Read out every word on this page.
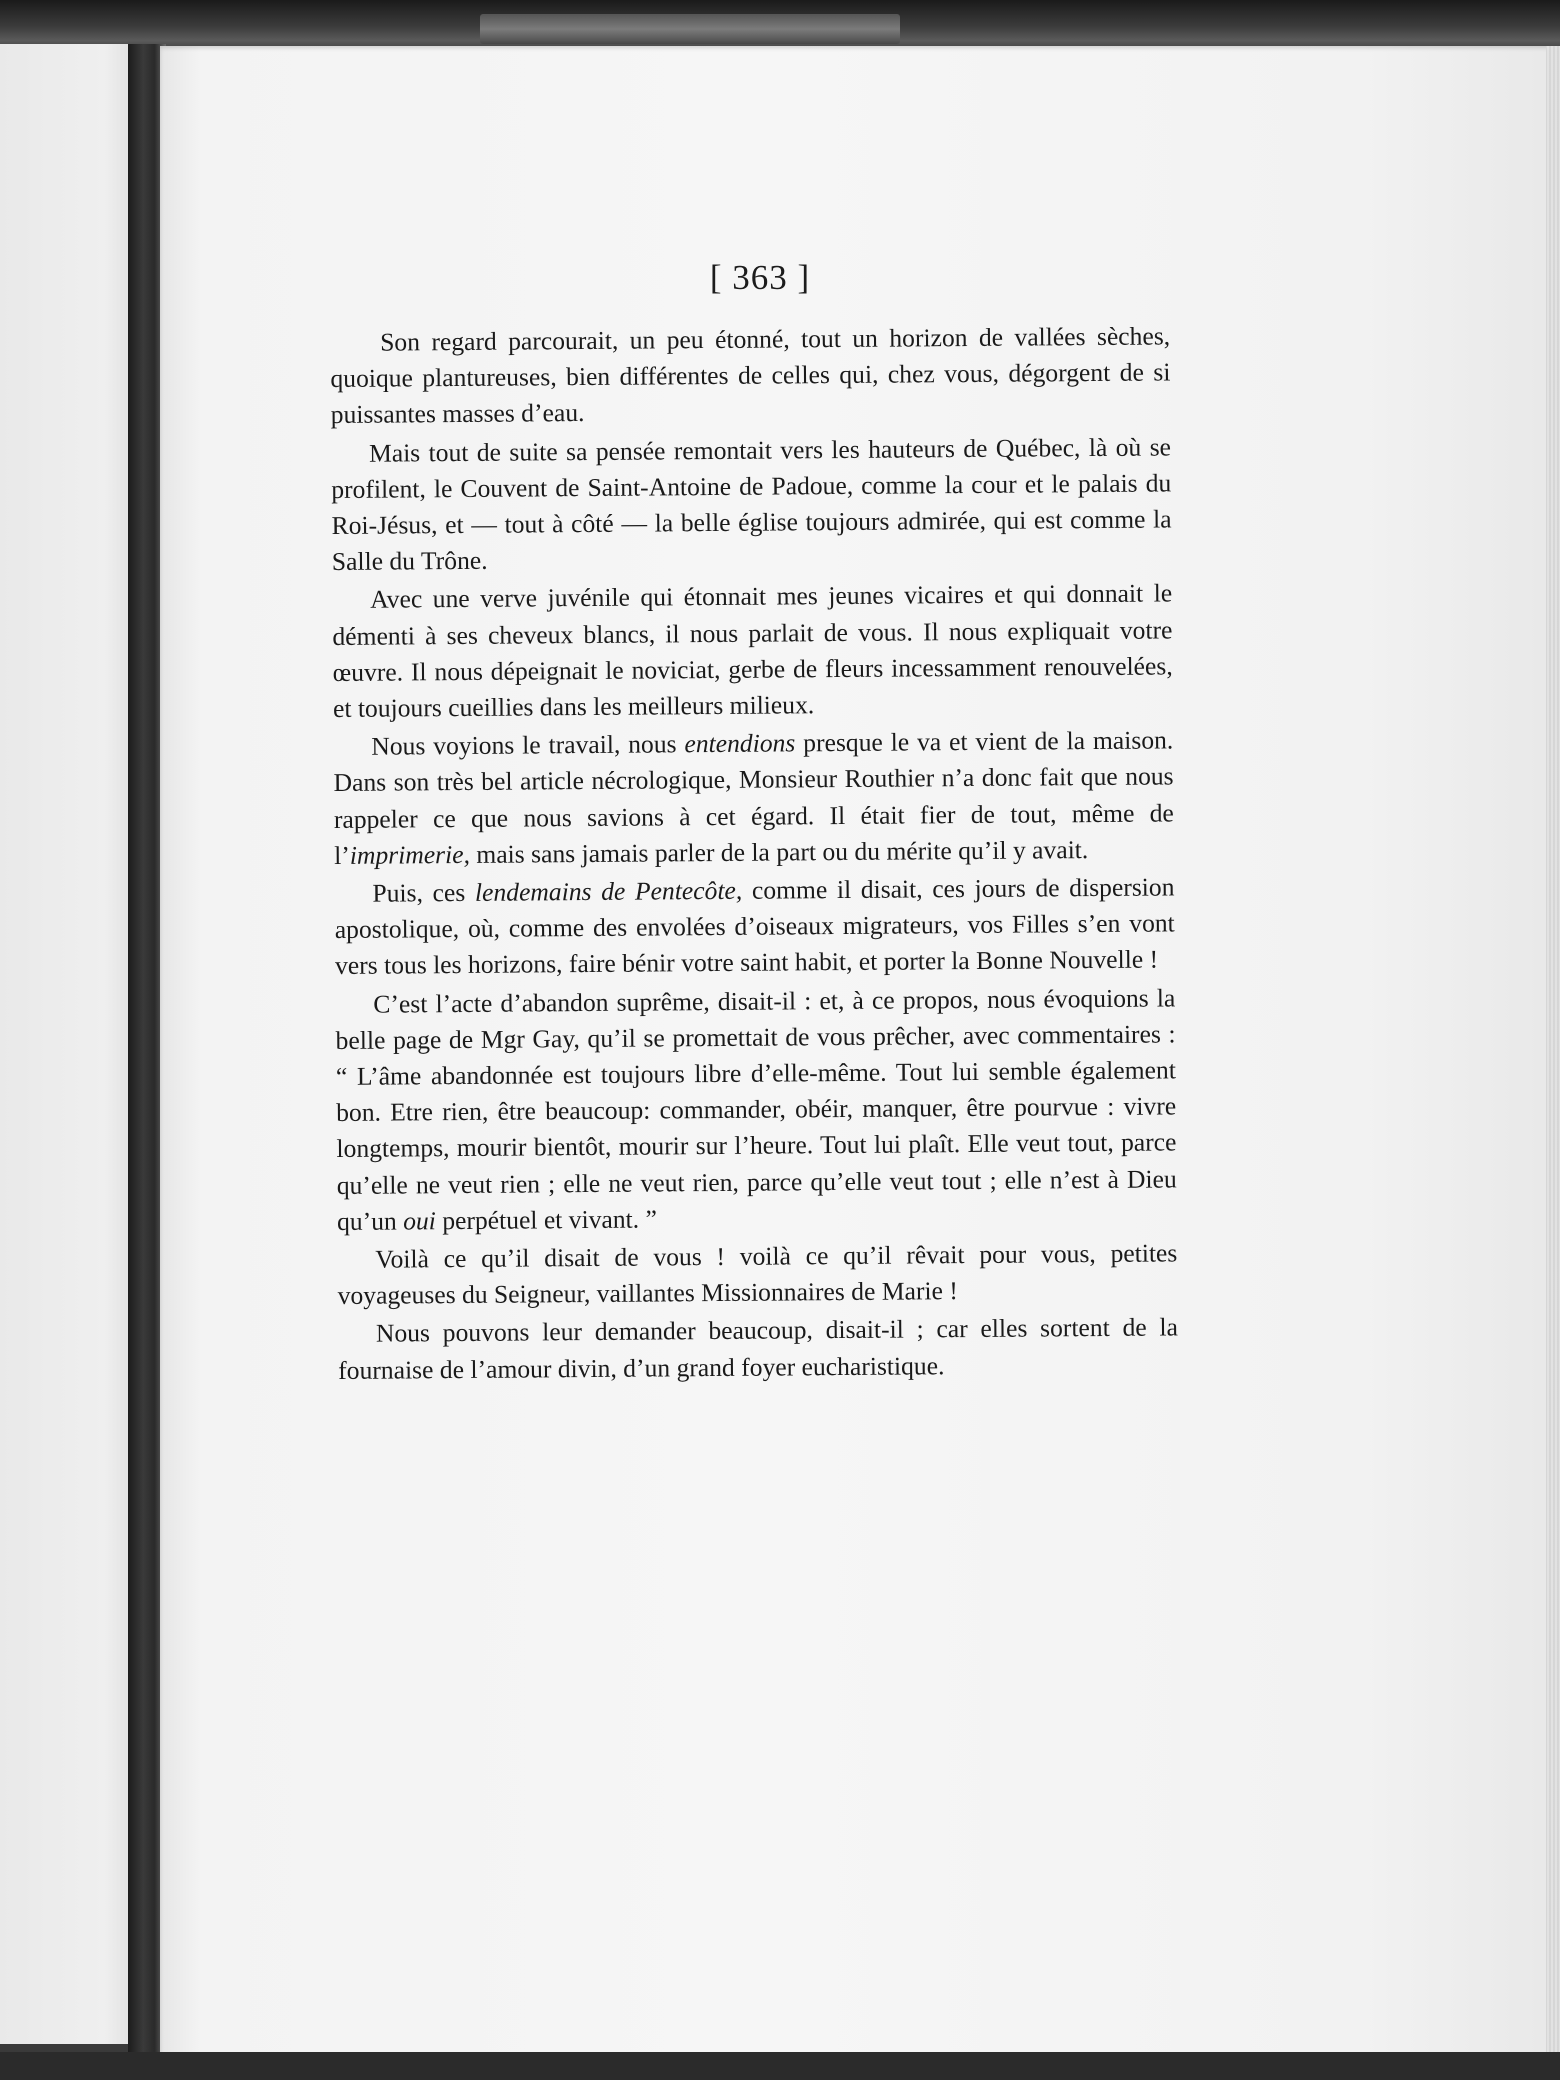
[ 363 ]

Son regard parcourait, un peu étonné, tout un horizon de vallées sèches, quoique plantureuses, bien différentes de celles qui, chez vous, dégorgent de si puissantes masses d’eau.

Mais tout de suite sa pensée remontait vers les hauteurs de Québec, là où se profilent, le Couvent de Saint-Antoine de Padoue, comme la cour et le palais du Roi-Jésus, et — tout à côté — la belle église toujours admirée, qui est comme la Salle du Trône.

Avec une verve juvénile qui étonnait mes jeunes vicaires et qui donnait le démenti à ses cheveux blancs, il nous parlait de vous. Il nous expliquait votre œuvre. Il nous dépeignait le noviciat, gerbe de fleurs incessamment renouvelées, et toujours cueillies dans les meilleurs milieux.

Nous voyions le travail, nous entendions presque le va et vient de la maison. Dans son très bel article nécrologique, Monsieur Routhier n’a donc fait que nous rappeler ce que nous savions à cet égard. Il était fier de tout, même de l’imprimerie, mais sans jamais parler de la part ou du mérite qu’il y avait.

Puis, ces lendemains de Pentecôte, comme il disait, ces jours de dispersion apostolique, où, comme des envolées d’oiseaux migrateurs, vos Filles s’en vont vers tous les horizons, faire bénir votre saint habit, et porter la Bonne Nouvelle !

C’est l’acte d’abandon suprême, disait-il : et, à ce propos, nous évoquions la belle page de Mgr Gay, qu’il se promettait de vous prêcher, avec commentaires : “ L’âme abandonnée est toujours libre d’elle-même. Tout lui semble également bon. Etre rien, être beaucoup: commander, obéir, manquer, être pourvue : vivre longtemps, mourir bientôt, mourir sur l’heure. Tout lui plaît. Elle veut tout, parce qu’elle ne veut rien ; elle ne veut rien, parce qu’elle veut tout ; elle n’est à Dieu qu’un oui perpétuel et vivant. ”

Voilà ce qu’il disait de vous ! voilà ce qu’il rêvait pour vous, petites voyageuses du Seigneur, vaillantes Missionnaires de Marie !

Nous pouvons leur demander beaucoup, disait-il ; car elles sortent de la fournaise de l’amour divin, d’un grand foyer eucharistique.
